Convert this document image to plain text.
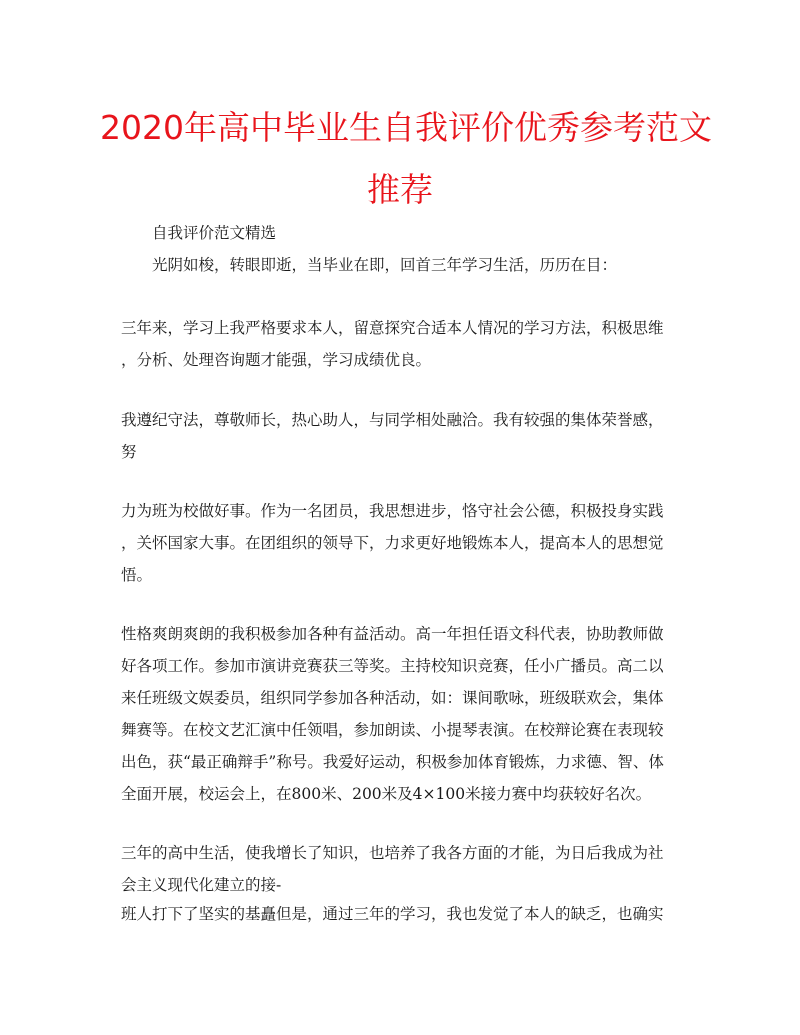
2020年高中毕业生自我评价优秀参考范文
推荐
自我评价范文精选
光阴如梭，转眼即逝，当毕业在即，回首三年学习生活，历历在目：
三年来，学习上我严格要求本人，留意探究合适本人情况的学习方法，积极思维
，分析、处理咨询题才能强，学习成绩优良。
我遵纪守法，尊敬师长，热心助人，与同学相处融洽。我有较强的集体荣誉感，
努
力为班为校做好事。作为一名团员，我思想进步，恪守社会公德，积极投身实践
，关怀国家大事。在团组织的领导下，力求更好地锻炼本人，提高本人的思想觉
悟。
性格爽朗爽朗的我积极参加各种有益活动。高一年担任语文科代表，协助教师做
好各项工作。参加市演讲竞赛获三等奖。主持校知识竞赛，任小广播员。高二以
来任班级文娱委员，组织同学参加各种活动，如：课间歌咏，班级联欢会，集体
舞赛等。在校文艺汇演中任领唱，参加朗读、小提琴表演。在校辩论赛在表现较
出色，获“最正确辩手”称号。我爱好运动，积极参加体育锻炼，力求德、智、体
全面开展，校运会上，在800米、200米及4×100米接力赛中均获较好名次。
三年的高中生活，使我增长了知识，也培养了我各方面的才能，为日后我成为社
会主义现代化建立的接-
班人打下了坚实的基矗但是，通过三年的学习，我也发觉了本人的缺乏，也确实
